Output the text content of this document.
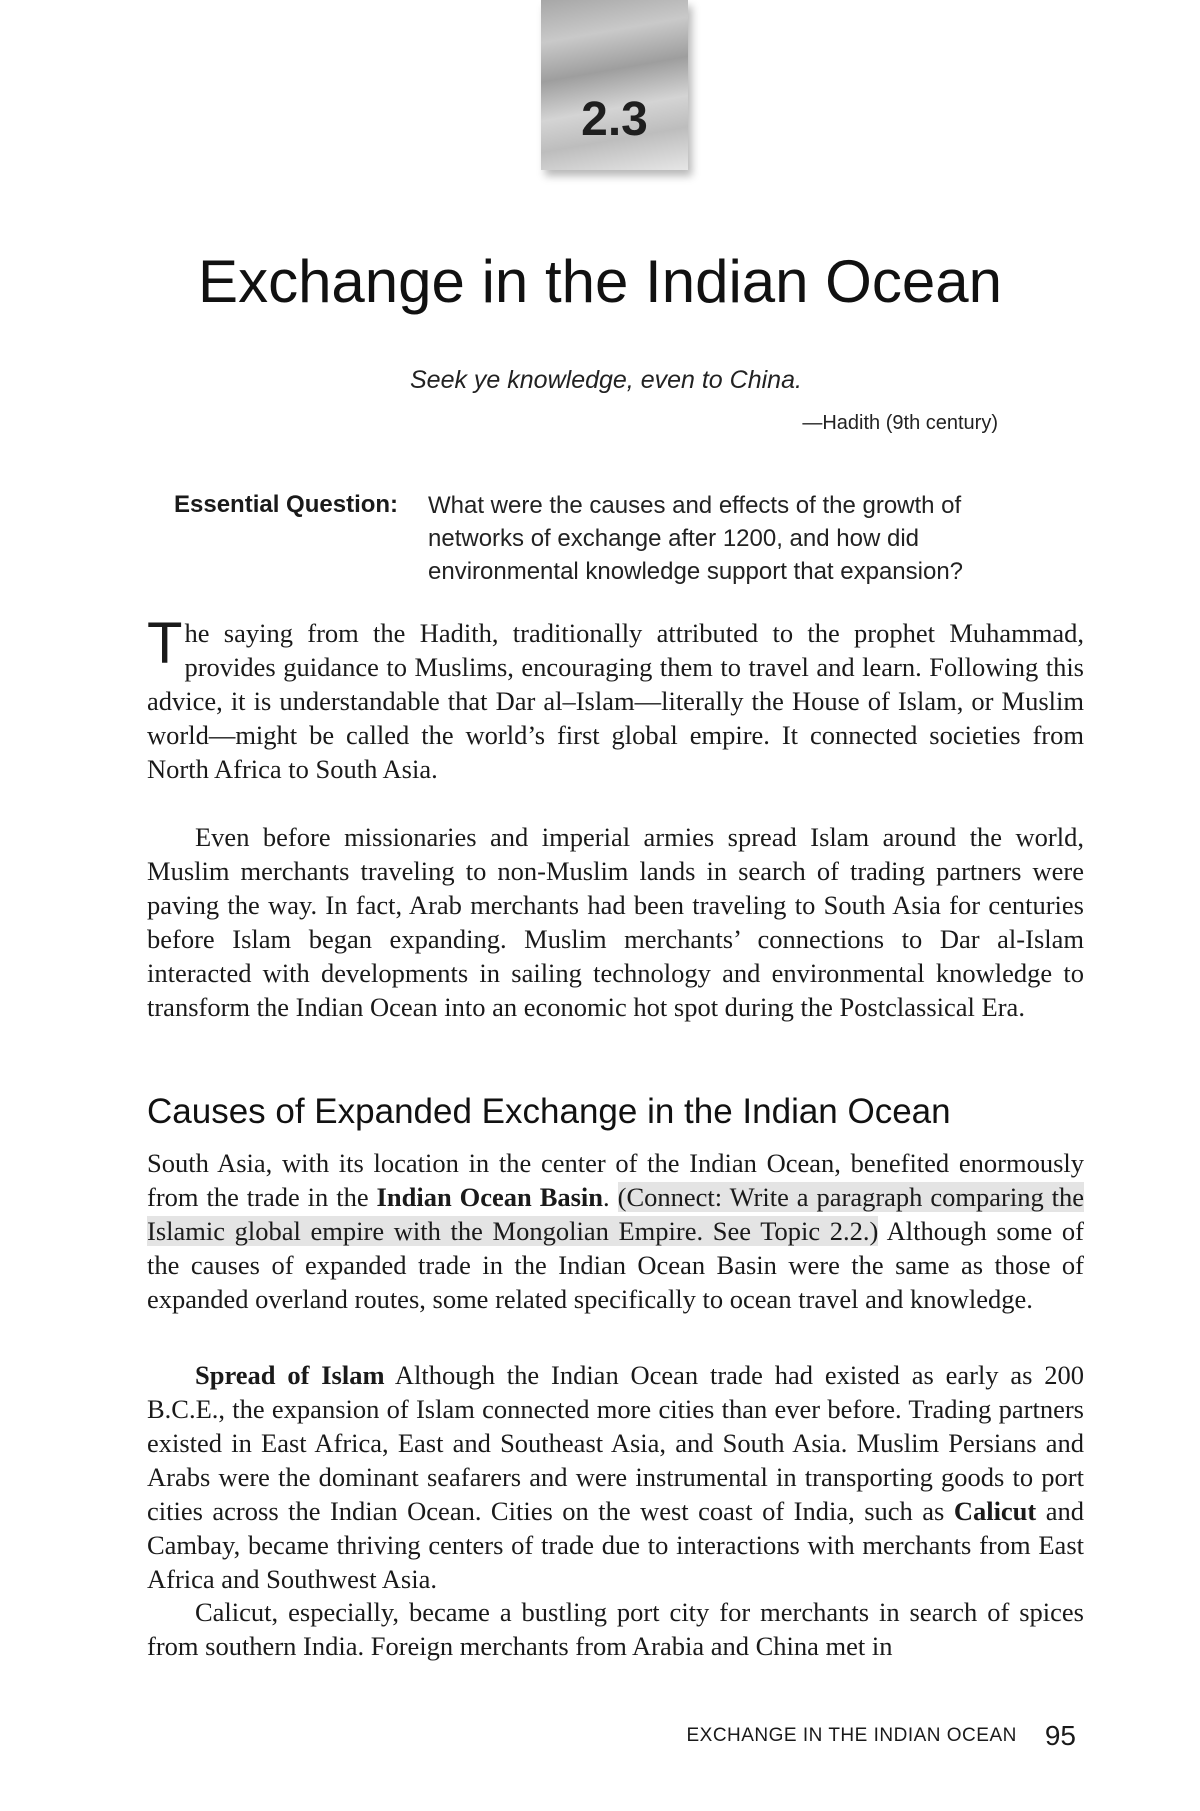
2.3
Exchange in the Indian Ocean
Seek ye knowledge, even to China.
—Hadith (9th century)
Essential Question: What were the causes and effects of the growth of networks of exchange after 1200, and how did environmental knowledge support that expansion?

The saying from the Hadith, traditionally attributed to the prophet Muhammad, provides guidance to Muslims, encouraging them to travel and learn. Following this advice, it is understandable that Dar al–Islam—literally the House of Islam, or Muslim world—might be called the world’s first global empire. It connected societies from North Africa to South Asia.

Even before missionaries and imperial armies spread Islam around the world, Muslim merchants traveling to non-Muslim lands in search of trading partners were paving the way. In fact, Arab merchants had been traveling to South Asia for centuries before Islam began expanding. Muslim merchants’ connections to Dar al-Islam interacted with developments in sailing technology and environmental knowledge to transform the Indian Ocean into an economic hot spot during the Postclassical Era.

Causes of Expanded Exchange in the Indian Ocean

South Asia, with its location in the center of the Indian Ocean, benefited enormously from the trade in the Indian Ocean Basin. (Connect: Write a paragraph comparing the Islamic global empire with the Mongolian Empire. See Topic 2.2.) Although some of the causes of expanded trade in the Indian Ocean Basin were the same as those of expanded overland routes, some related specifically to ocean travel and knowledge.

Spread of Islam Although the Indian Ocean trade had existed as early as 200 B.C.E., the expansion of Islam connected more cities than ever before. Trading partners existed in East Africa, East and Southeast Asia, and South Asia. Muslim Persians and Arabs were the dominant seafarers and were instrumental in transporting goods to port cities across the Indian Ocean. Cities on the west coast of India, such as Calicut and Cambay, became thriving centers of trade due to interactions with merchants from East Africa and Southwest Asia.

Calicut, especially, became a bustling port city for merchants in search of spices from southern India. Foreign merchants from Arabia and China met in

EXCHANGE IN THE INDIAN OCEAN 95
